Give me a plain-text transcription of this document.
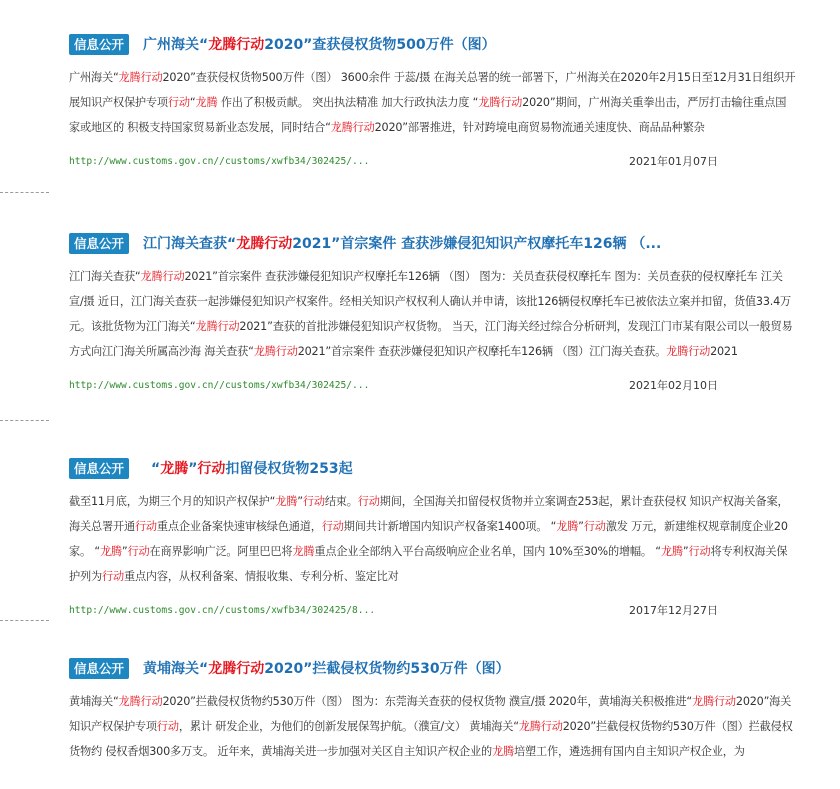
信息公开	广州海关“龙腾行动2020”查获侵权货物500万件（图）
广州海关“龙腾行动2020”查获侵权货物500万件（图） 3600余件 于蕊/摄 在海关总署的统一部署下，广州海关在2020年2月15日至12月31日组织开展知识产权保护专项行动“龙腾 作出了积极贡献。 突出执法精准 加大行政执法力度 “龙腾行动2020”期间，广州海关重拳出击，严厉打击输往重点国家或地区的 积极支持国家贸易新业态发展，同时结合“龙腾行动2020”部署推进，针对跨境电商贸易物流通关速度快、商品品种繁杂
http://www.customs.gov.cn//customs/xwfb34/302425/...	2021年01月07日
信息公开	江门海关查获“龙腾行动2021”首宗案件 查获涉嫌侵犯知识产权摩托车126辆 （...
江门海关查获“龙腾行动2021”首宗案件 查获涉嫌侵犯知识产权摩托车126辆 （图） 图为：关员查获侵权摩托车 图为：关员查获的侵权摩托车 江关宣/摄 近日，江门海关查获一起涉嫌侵犯知识产权案件。经相关知识产权权利人确认并申请，该批126辆侵权摩托车已被依法立案并扣留，货值33.4万元。该批货物为江门海关“龙腾行动2021”查获的首批涉嫌侵犯知识产权货物。 当天，江门海关经过综合分析研判，发现江门市某有限公司以一般贸易方式向江门海关所属高沙海 海关查获“龙腾行动2021”首宗案件 查获涉嫌侵犯知识产权摩托车126辆 （图）江门海关查获。龙腾行动2021
http://www.customs.gov.cn//customs/xwfb34/302425/...	2021年02月10日
信息公开	“龙腾”行动扣留侵权货物253起
截至11月底，为期三个月的知识产权保护“龙腾”行动结束。行动期间，全国海关扣留侵权货物并立案调查253起，累计查获侵权 知识产权海关备案，海关总署开通行动重点企业备案快速审核绿色通道，行动期间共计新增国内知识产权备案1400项。 “龙腾”行动激发 万元，新建维权规章制度企业20家。 “龙腾”行动在商界影响广泛。阿里巴巴将龙腾重点企业全部纳入平台高级响应企业名单，国内 10%至30%的增幅。 “龙腾”行动将专利权海关保护列为行动重点内容，从权利备案、情报收集、专利分析、鉴定比对
http://www.customs.gov.cn//customs/xwfb34/302425/8...	2017年12月27日
信息公开	黄埔海关“龙腾行动2020”拦截侵权货物约530万件（图）
黄埔海关“龙腾行动2020”拦截侵权货物约530万件（图） 图为：东莞海关查获的侵权货物 濮宣/摄 2020年，黄埔海关积极推进“龙腾行动2020”海关知识产权保护专项行动，累计 研发企业，为他们的创新发展保驾护航。（濮宣/文） 黄埔海关“龙腾行动2020”拦截侵权货物约530万件（图）拦截侵权货物约 侵权香烟300多万支。 近年来，黄埔海关进一步加强对关区自主知识产权企业的龙腾培塑工作，遴选拥有国内自主知识产权企业，为
